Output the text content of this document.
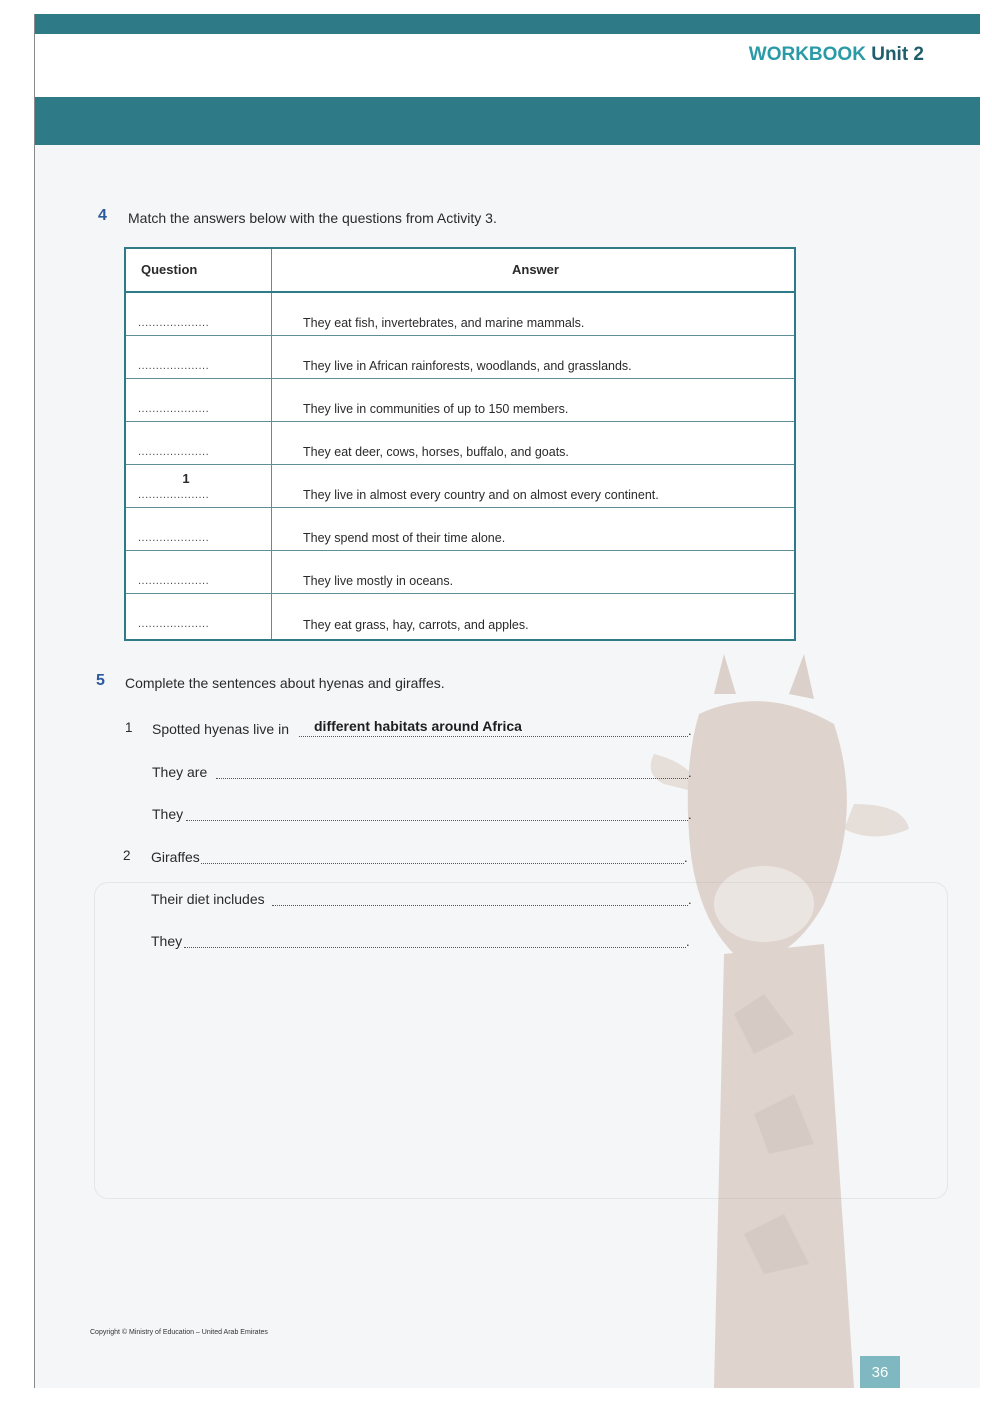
WORKBOOK Unit 2
4 Match the answers below with the questions from Activity 3.
Question	Answer
....................	They eat fish, invertebrates, and marine mammals.
....................	They live in African rainforests, woodlands, and grasslands.
....................	They live in communities of up to 150 members.
....................	They eat deer, cows, horses, buffalo, and goats.
1
....................	They live in almost every country and on almost every continent.
....................	They spend most of their time alone.
....................	They live mostly in oceans.
....................	They eat grass, hay, carrots, and apples.
5 Complete the sentences about hyenas and giraffes.
1 Spotted hyenas live in different habitats around Africa	.
They are	.
They	.
2 Giraffes	.
Their diet includes	.
They	.
Copyright © Ministry of Education – United Arab Emirates
36
